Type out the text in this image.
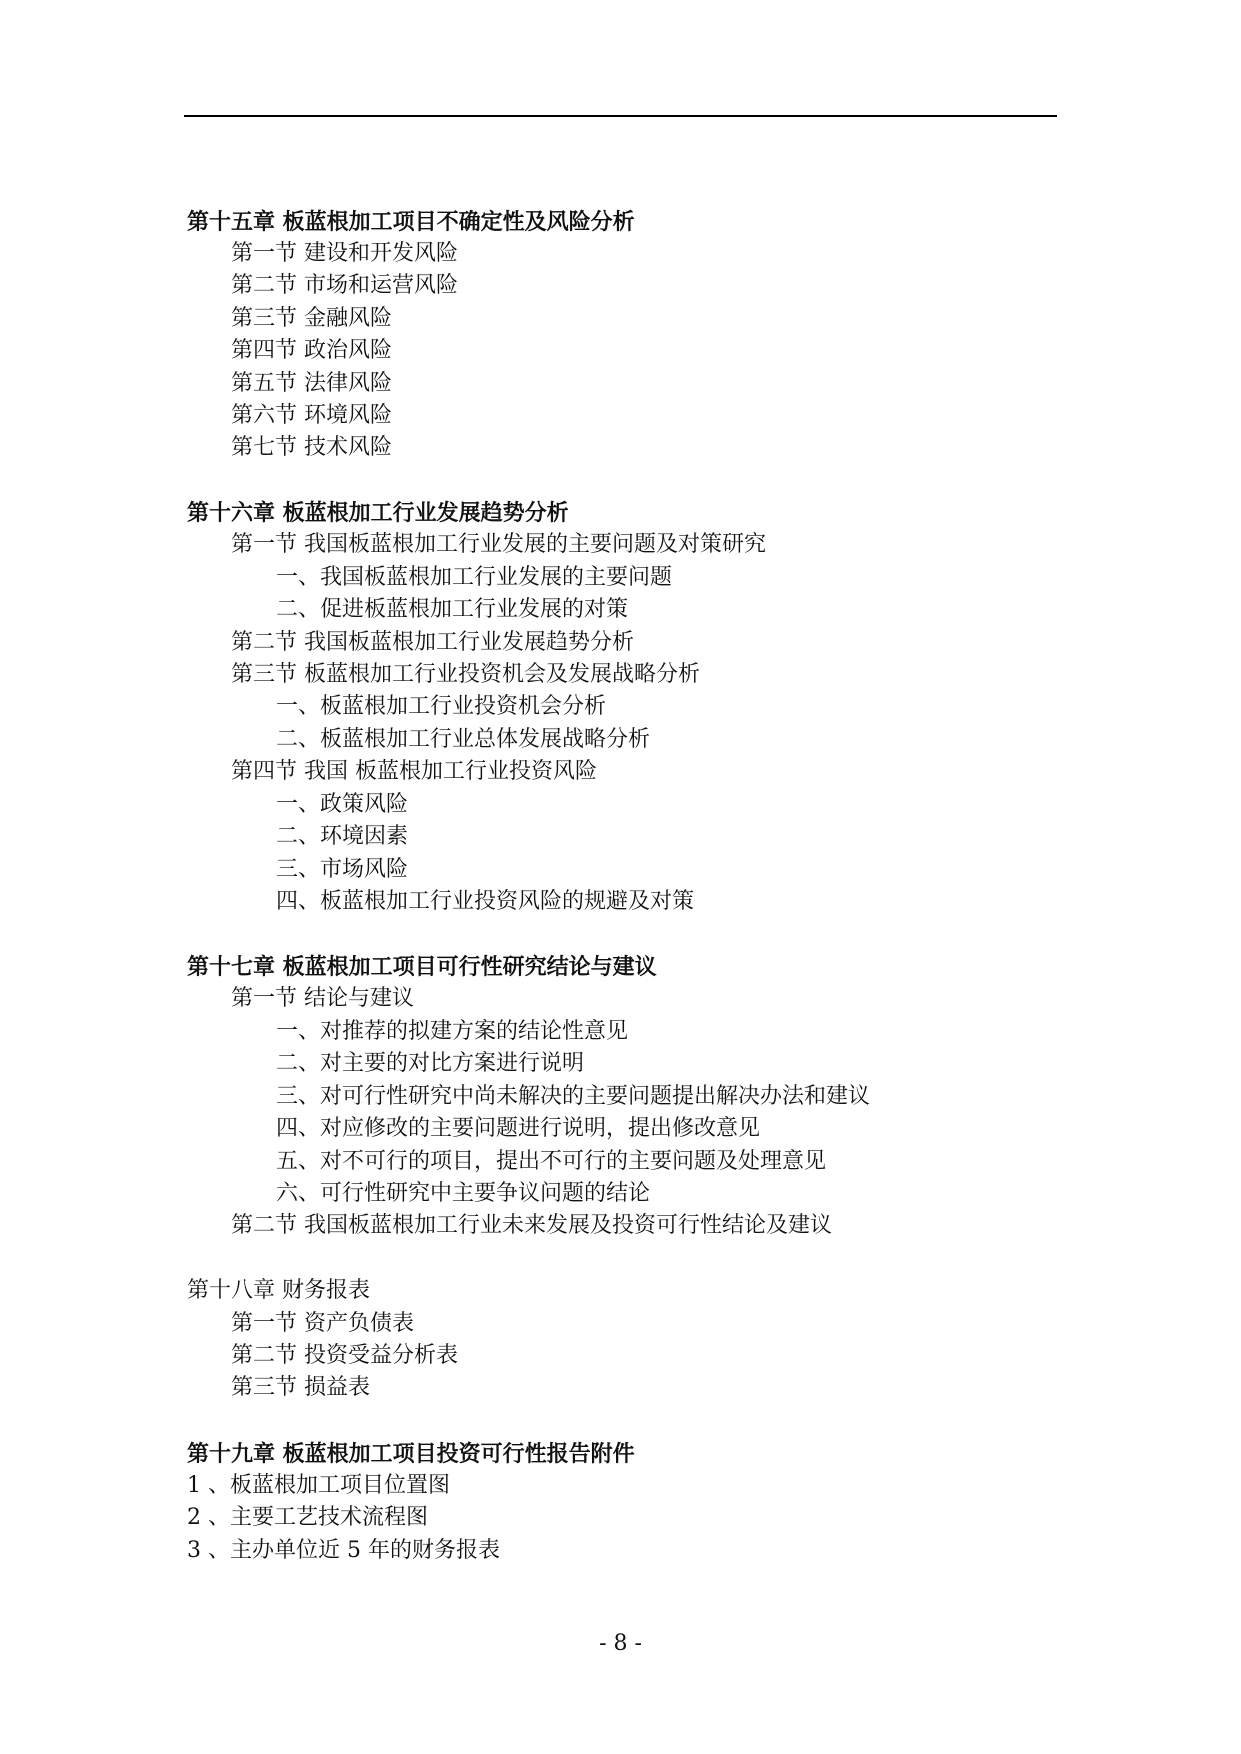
第十五章 板蓝根加工项目不确定性及风险分析
第一节 建设和开发风险
第二节 市场和运营风险
第三节 金融风险
第四节 政治风险
第五节 法律风险
第六节 环境风险
第七节 技术风险
第十六章 板蓝根加工行业发展趋势分析
第一节 我国板蓝根加工行业发展的主要问题及对策研究
一、我国板蓝根加工行业发展的主要问题
二、促进板蓝根加工行业发展的对策
第二节 我国板蓝根加工行业发展趋势分析
第三节 板蓝根加工行业投资机会及发展战略分析
一、板蓝根加工行业投资机会分析
二、板蓝根加工行业总体发展战略分析
第四节 我国 板蓝根加工行业投资风险
一、政策风险
二、环境因素
三、市场风险
四、板蓝根加工行业投资风险的规避及对策
第十七章 板蓝根加工项目可行性研究结论与建议
第一节 结论与建议
一、对推荐的拟建方案的结论性意见
二、对主要的对比方案进行说明
三、对可行性研究中尚未解决的主要问题提出解决办法和建议
四、对应修改的主要问题进行说明，提出修改意见
五、对不可行的项目，提出不可行的主要问题及处理意见
六、可行性研究中主要争议问题的结论
第二节 我国板蓝根加工行业未来发展及投资可行性结论及建议
第十八章 财务报表
第一节 资产负债表
第二节 投资受益分析表
第三节 损益表
第十九章 板蓝根加工项目投资可行性报告附件
1 、板蓝根加工项目位置图
2 、主要工艺技术流程图
3 、主办单位近 5 年的财务报表
- 8 -
